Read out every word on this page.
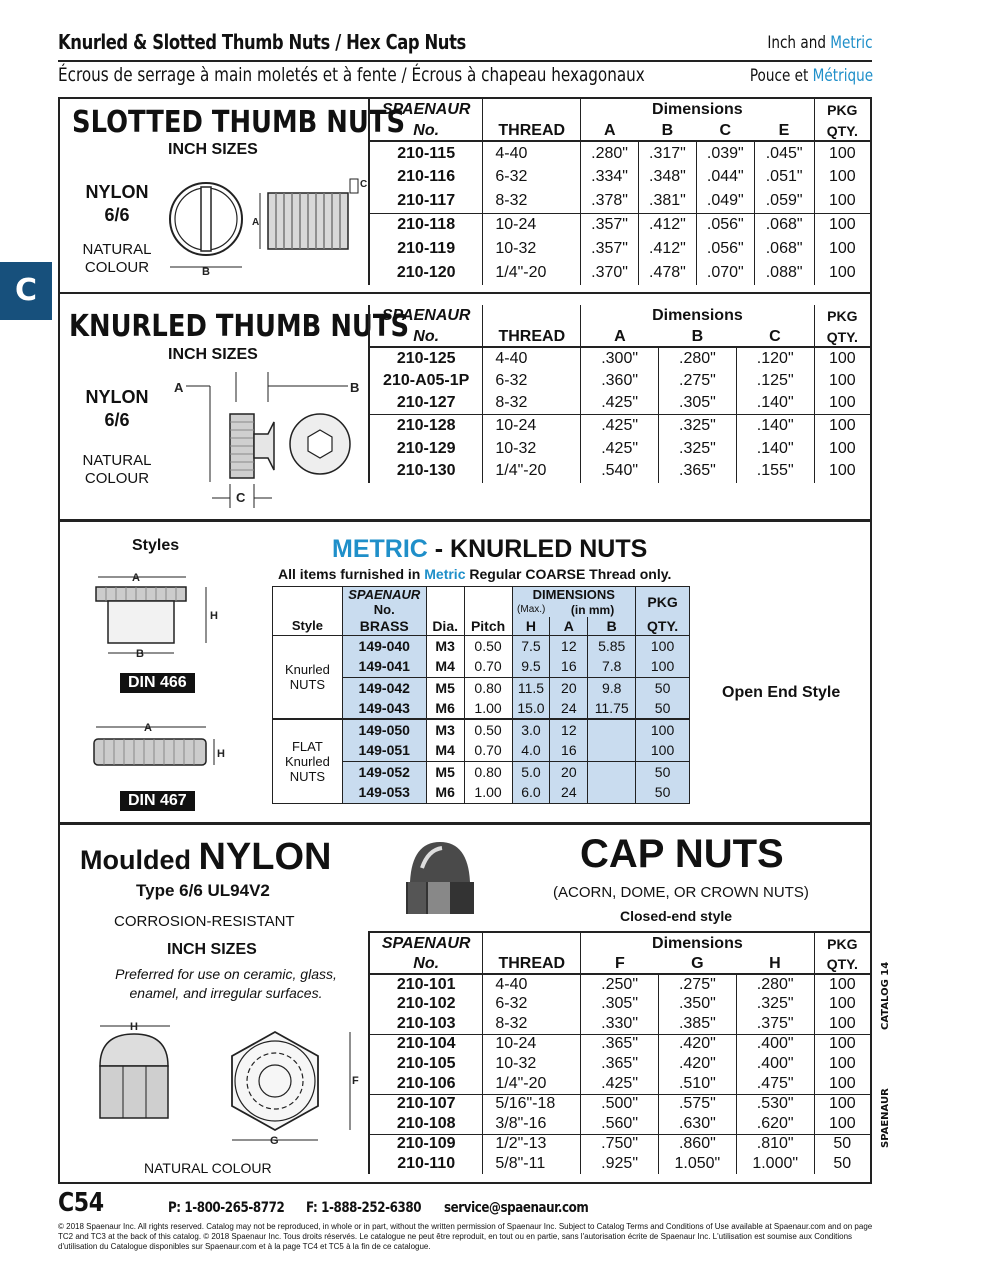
Knurled & Slotted Thumb Nuts / Hex Cap Nuts	Inch and Metric
Écrous de serrage à main moletés et à fente / Écrous à chapeau hexagonaux	Pouce et Métrique
C
SLOTTED THUMB NUTS
INCH SIZES
NYLON
6/6
NATURAL
COLOUR	B
C
A
SPAENAUR		Dimensions				PKG
No.	THREAD	A	B	C	E	QTY.
210-115	4-40	.280"	.317"	.039"	.045"	100
210-116	6-32	.334"	.348"	.044"	.051"	100
210-117	8-32	.378"	.381"	.049"	.059"	100
210-118	10-24	.357"	.412"	.056"	.068"	100
210-119	10-32	.357"	.412"	.056"	.068"	100
210-120	1/4"-20	.370"	.478"	.070"	.088"	100
KNURLED THUMB NUTS
INCH SIZES
NYLON
6/6
NATURAL
COLOUR
A	B
C
SPAENAUR		Dimensions			PKG
No.	THREAD	A	B	C	QTY.
210-125	4-40	.300"	.280"	.120"	100
210-A05-1P	6-32	.360"	.275"	.125"	100
210-127	8-32	.425"	.305"	.140"	100
210-128	10-24	.425"	.325"	.140"	100
210-129	10-32	.425"	.325"	.140"	100
210-130	1/4"-20	.540"	.365"	.155"	100
Styles	METRIC - KNURLED NUTS
All items furnished in Metric Regular COARSE Thread only.
A
H
B
DIN 466
A
H
DIN 467
Open End Style
	SPAENAUR			DIMENSIONS			PKG
	No.			(Max.)	(in mm)		
Style	BRASS	Dia.	Pitch	H	A	B	QTY.

Knurled
NUTS	149-040	M3	0.50	7.5	12	5.85	100
	149-041	M4	0.70	9.5	16	7.8	100
	149-042	M5	0.80	11.5	20	9.8	50
	149-043	M6	1.00	15.0	24	11.75	50

FLAT
Knurled
NUTS	149-050	M3	0.50	3.0	12		100
	149-051	M4	0.70	4.0	16		100
	149-052	M5	0.80	5.0	20		50
	149-053	M6	1.00	6.0	24		50
Moulded NYLON
Type 6/6 UL94V2
CORROSION-RESISTANT
INCH SIZES
Preferred for use on ceramic, glass,
enamel, and irregular surfaces.
H
F
G
NATURAL COLOUR
CAP NUTS
(ACORN, DOME, OR CROWN NUTS)
Closed-end style
SPAENAUR		Dimensions			PKG
No.	THREAD	F	G	H	QTY.
210-101	4-40	.250"	.275"	.280"	100
210-102	6-32	.305"	.350"	.325"	100
210-103	8-32	.330"	.385"	.375"	100
210-104	10-24	.365"	.420"	.400"	100
210-105	10-32	.365"	.420"	.400"	100
210-106	1/4"-20	.425"	.510"	.475"	100
210-107	5/16"-18	.500"	.575"	.530"	100
210-108	3/8"-16	.560"	.630"	.620"	100
210-109	1/2"-13	.750"	.860"	.810"	50
210-110	5/8"-11	.925"	1.050"	1.000"	50
CATALOG 14
SPAENAUR
C54	P: 1-800-265-8772 F: 1-888-252-6380 service@spaenaur.com
© 2018 Spaenaur Inc. All rights reserved. Catalog may not be reproduced, in whole or in part, without the written permission of Spaenaur Inc. Subject to Catalog Terms and Conditions of Use available at Spaenaur.com and on page TC2 and TC3 at the back of this catalog. © 2018 Spaenaur Inc. Tous droits réservés. Le catalogue ne peut être reproduit, en tout ou en partie, sans l'autorisation écrite de Spaenaur Inc. L'utilisation est soumise aux Conditions d'utilisation du Catalogue disponibles sur Spaenaur.com et à la page TC4 et TC5 à la fin de ce catalogue.
